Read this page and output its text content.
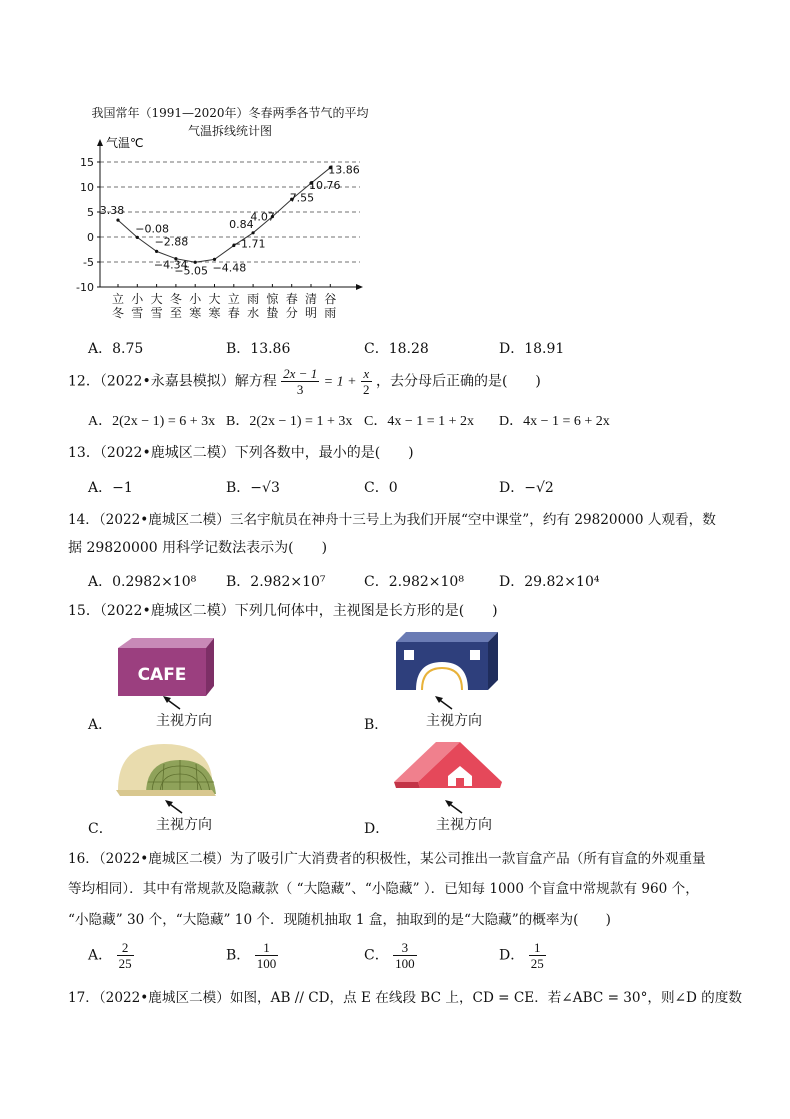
我国常年（1991—2020年）冬春两季各节气的平均
气温拆线统计图
气温℃
15
10
5
0
-5
-10
立
冬
小
雪
大
雪
冬
至
小
寒
大
寒
立
春
雨
水
惊
蛰
春
分
清
明
谷
雨
3.38
−0.08
−2.88
−4.34
−5.05 −4.48
−1.71
0.84
4.07
7.55
10.76
13.86
A．8.75	B．13.86	C．18.28	D．18.91
12．（2022•永嘉县模拟）解方程 $\frac{2x - 1}{3} = 1 + \frac{x}{2}$ ，去分母后正确的是(　　)
A．2(2x − 1) = 6 + 3x B．2(2x − 1) = 1 + 3x C．4x − 1 = 1 + 2x D．4x − 1 = 6 + 2x
13．（2022•鹿城区二模）下列各数中，最小的是(　　)
A．−1	B．−√3	C．0	D．−√2
14．（2022•鹿城区二模）三名宇航员在神舟十三号上为我们开展“空中课堂”，约有 29820000 人观看，数
据 29820000 用科学记数法表示为(　　)
A．0.2982×10⁸ B．2.982×10⁷	C．2.982×10⁸	D．29.82×10⁴
15．（2022•鹿城区二模）下列几何体中，主视图是长方形的是(　　)
A．
CAFE
主视方向	B．	主视方向
C．	主视方向	D．	主视方向
16．（2022•鹿城区二模）为了吸引广大消费者的积极性，某公司推出一款盲盒产品（所有盲盒的外观重量
等均相同）．其中有常规款及隐藏款（ “大隐藏”、“小隐藏” ）．已知每 1000 个盲盒中常规款有 960 个，
“小隐藏” 30 个，“大隐藏” 10 个．现随机抽取 1 盒，抽取到的是“大隐藏”的概率为(　　)
A． $\frac{2}{25}$	B． $\frac{1}{100}$	C． $\frac{3}{100}$	D． $\frac{1}{25}$
17．（2022•鹿城区二模）如图，AB // CD，点 E 在线段 BC 上，CD = CE．若∠ABC = 30°，则∠D 的度数
